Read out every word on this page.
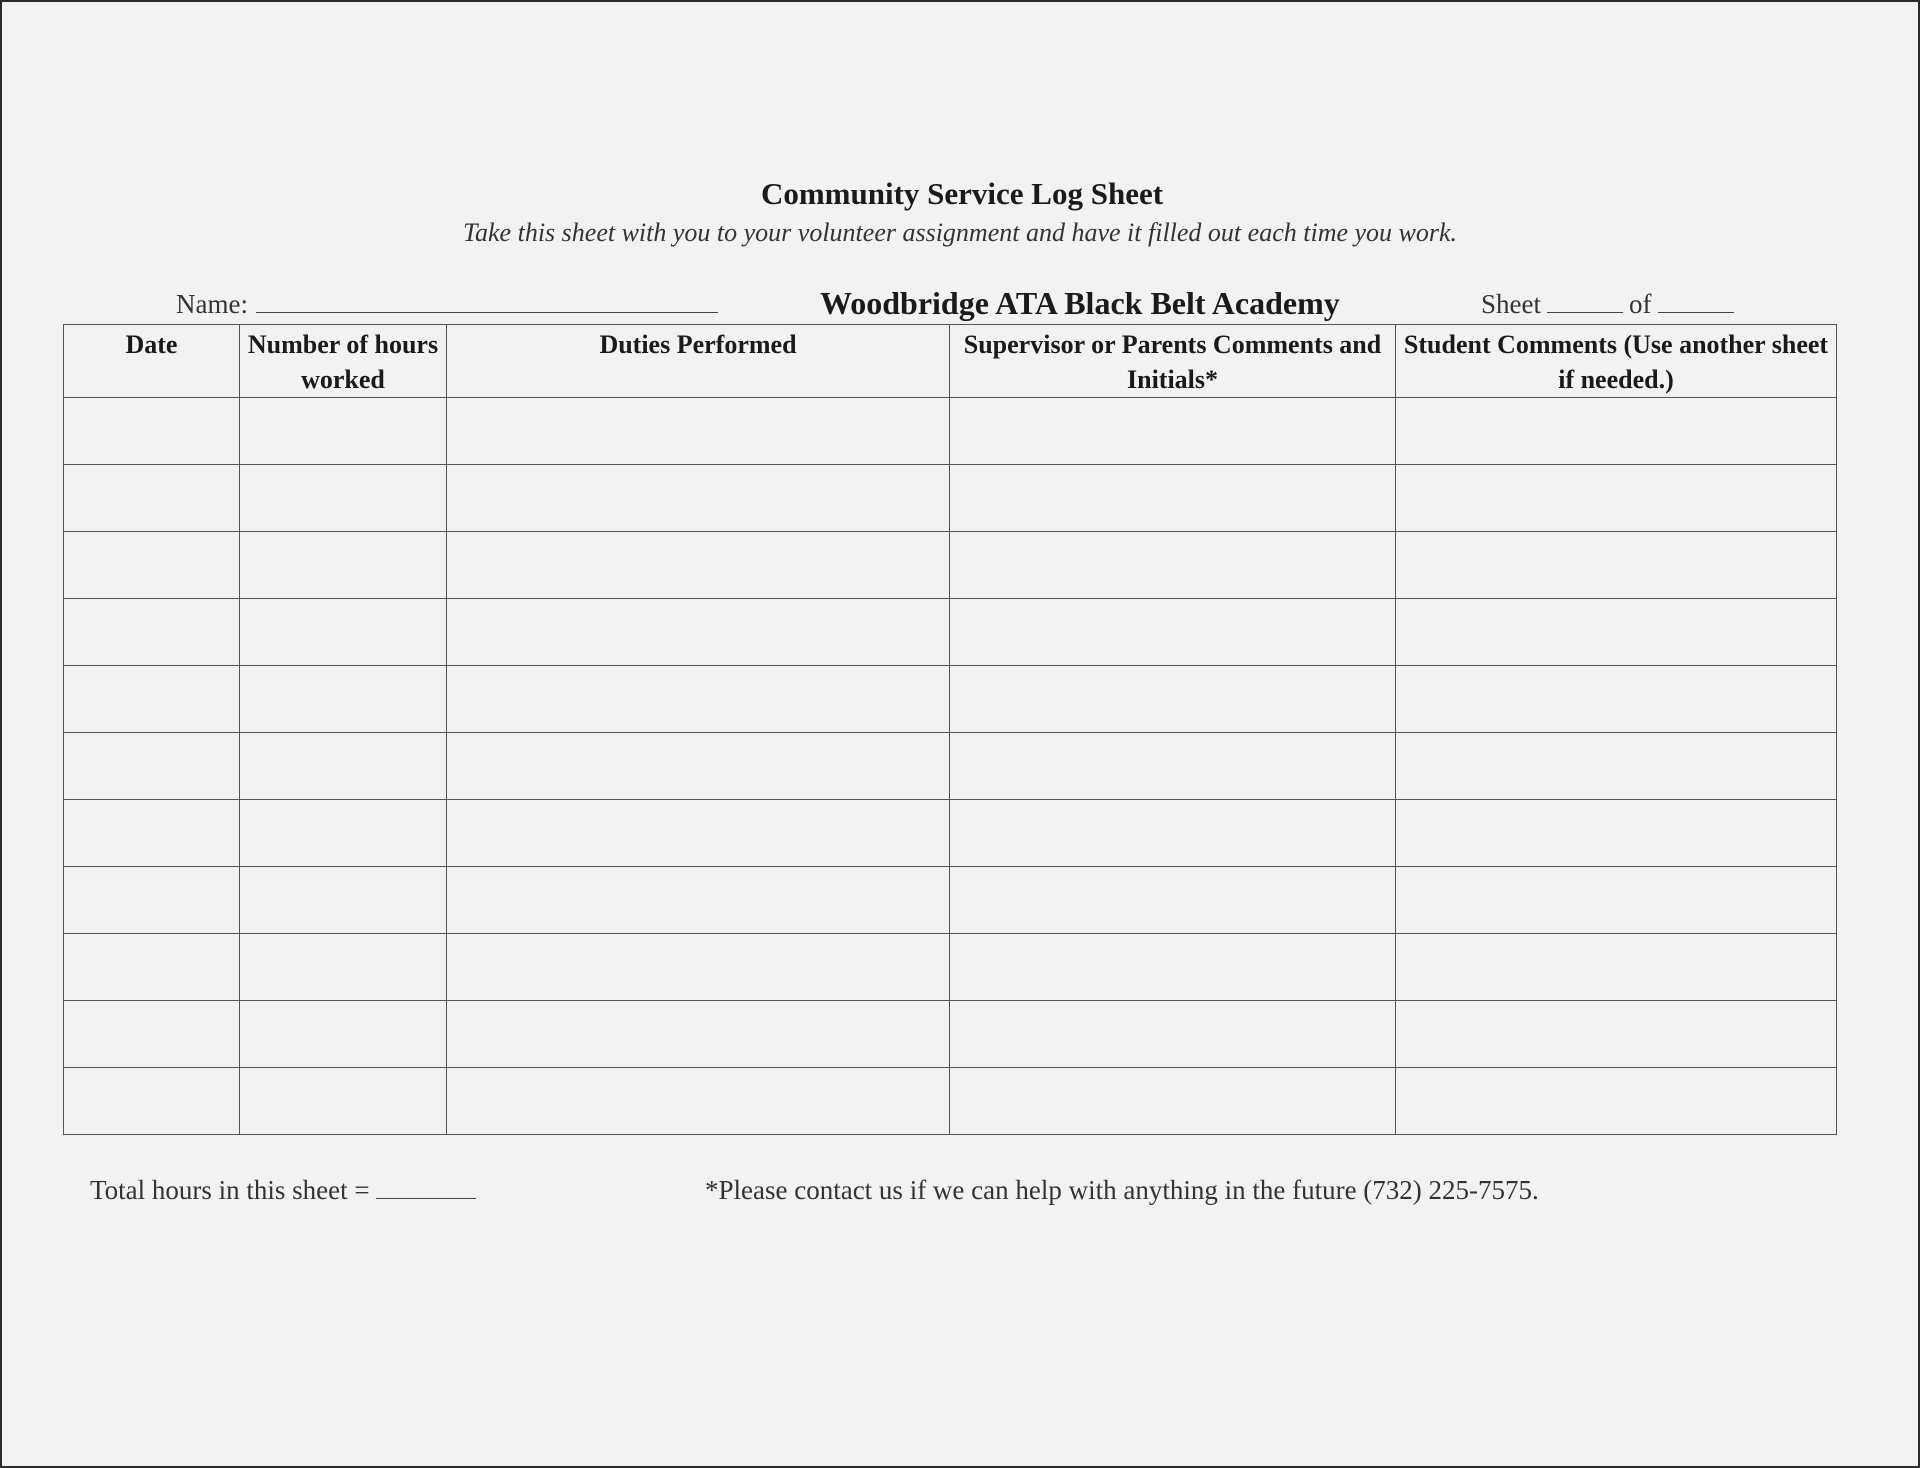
Community Service Log Sheet
Take this sheet with you to your volunteer assignment and have it filled out each time you work.
Name:	Woodbridge ATA Black Belt Academy	Sheet	of
Date	Number of hours worked	Duties Performed	Supervisor or Parents Comments and Initials*	Student Comments (Use another sheet if needed.)

Total hours in this sheet =	*Please contact us if we can help with anything in the future (732) 225-7575.
